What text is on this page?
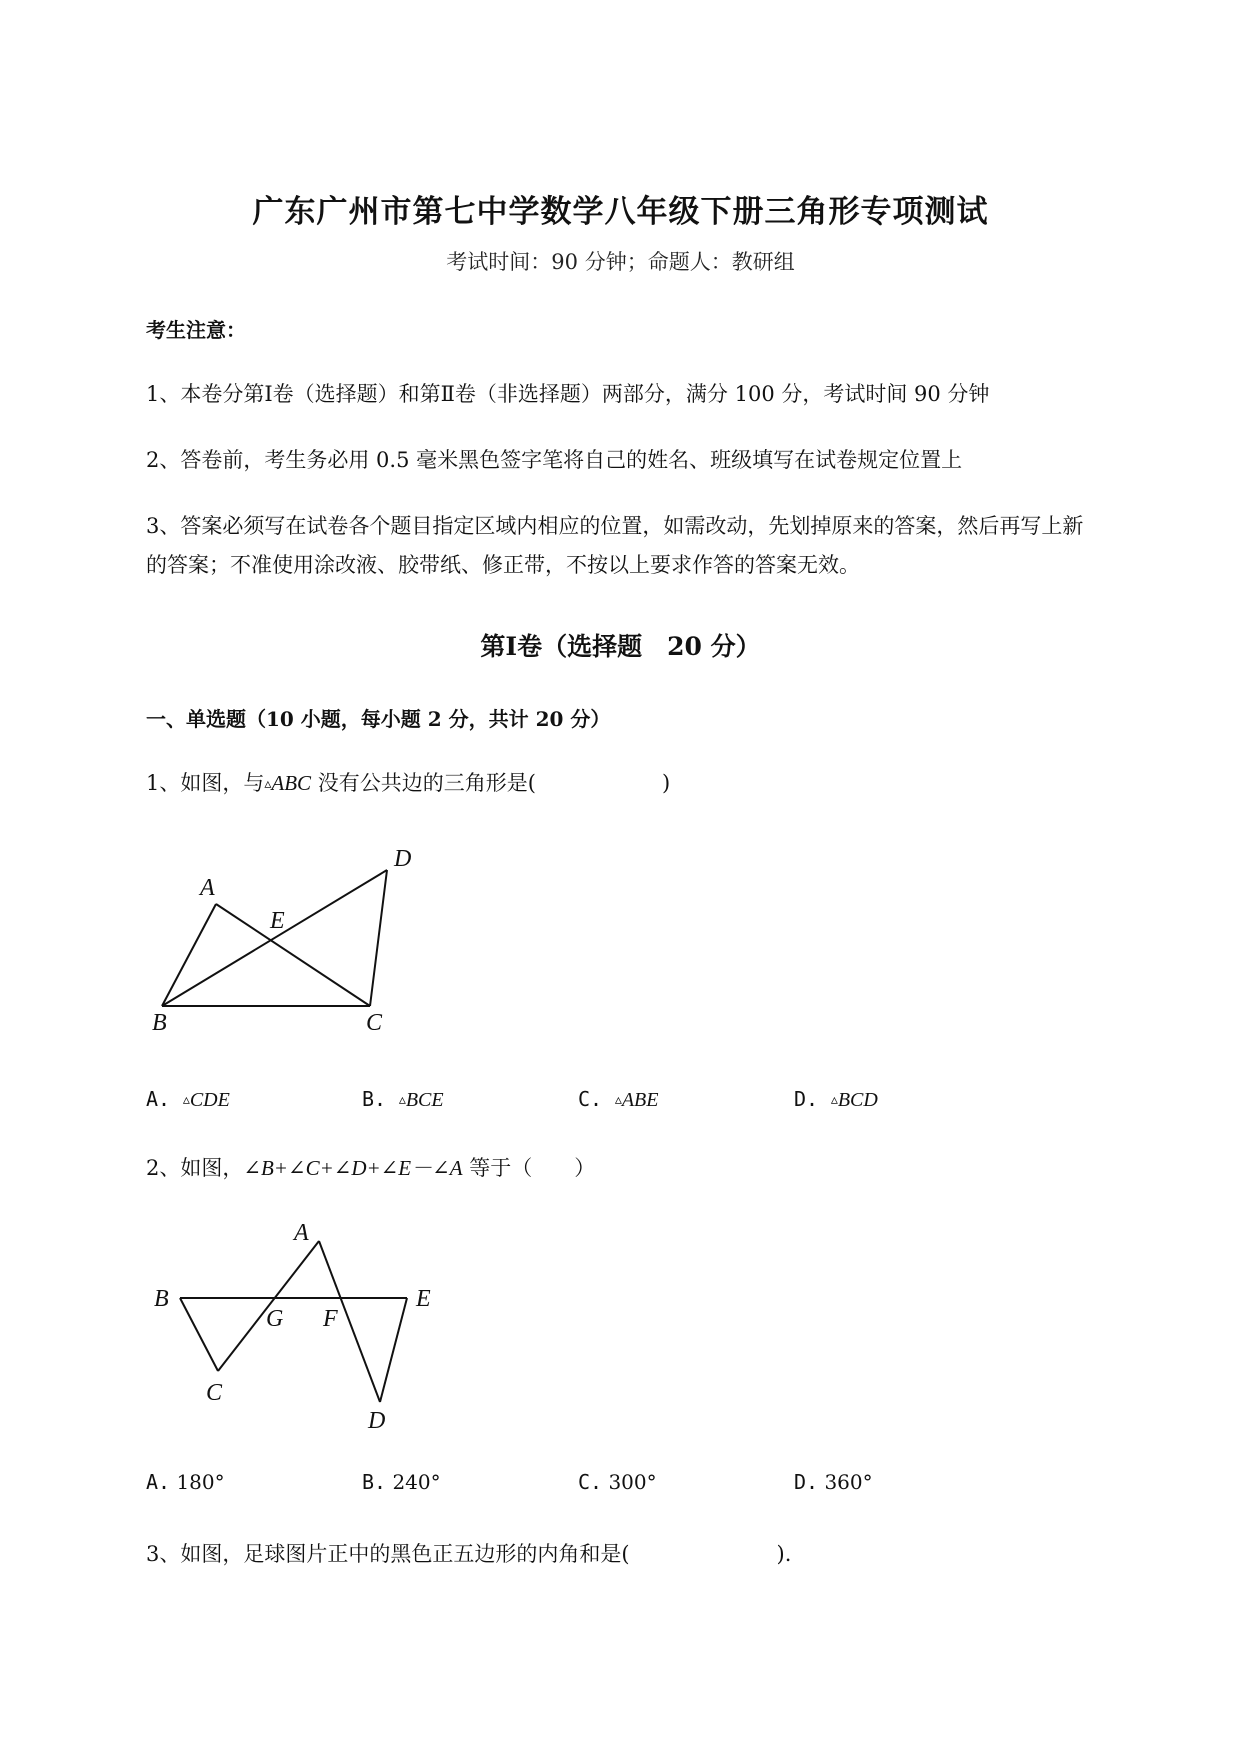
广东广州市第七中学数学八年级下册三角形专项测试
考试时间：90 分钟；命题人：教研组
考生注意：
1、本卷分第Ⅰ卷（选择题）和第Ⅱ卷（非选择题）两部分，满分 100 分，考试时间 90 分钟
2、答卷前，考生务必用 0.5 毫米黑色签字笔将自己的姓名、班级填写在试卷规定位置上
3、答案必须写在试卷各个题目指定区域内相应的位置，如需改动，先划掉原来的答案，然后再写上新
的答案；不准使用涂改液、胶带纸、修正带，不按以上要求作答的答案无效。
第Ⅰ卷（选择题　20 分）
一、单选题（10 小题，每小题 2 分，共计 20 分）
1、如图，与▵ABC 没有公共边的三角形是(　　　　　　)
A
E
D
B	C
A. ▵CDE	B. ▵BCE	C. ▵ABE	D. ▵BCD
2、如图，∠B+∠C+∠D+∠E－∠A 等于（　　）
A
B	E
G F
C
D
A. 180°	B. 240°	C. 300°	D. 360°
3、如图，足球图片正中的黑色正五边形的内角和是(　　　　　　　).
